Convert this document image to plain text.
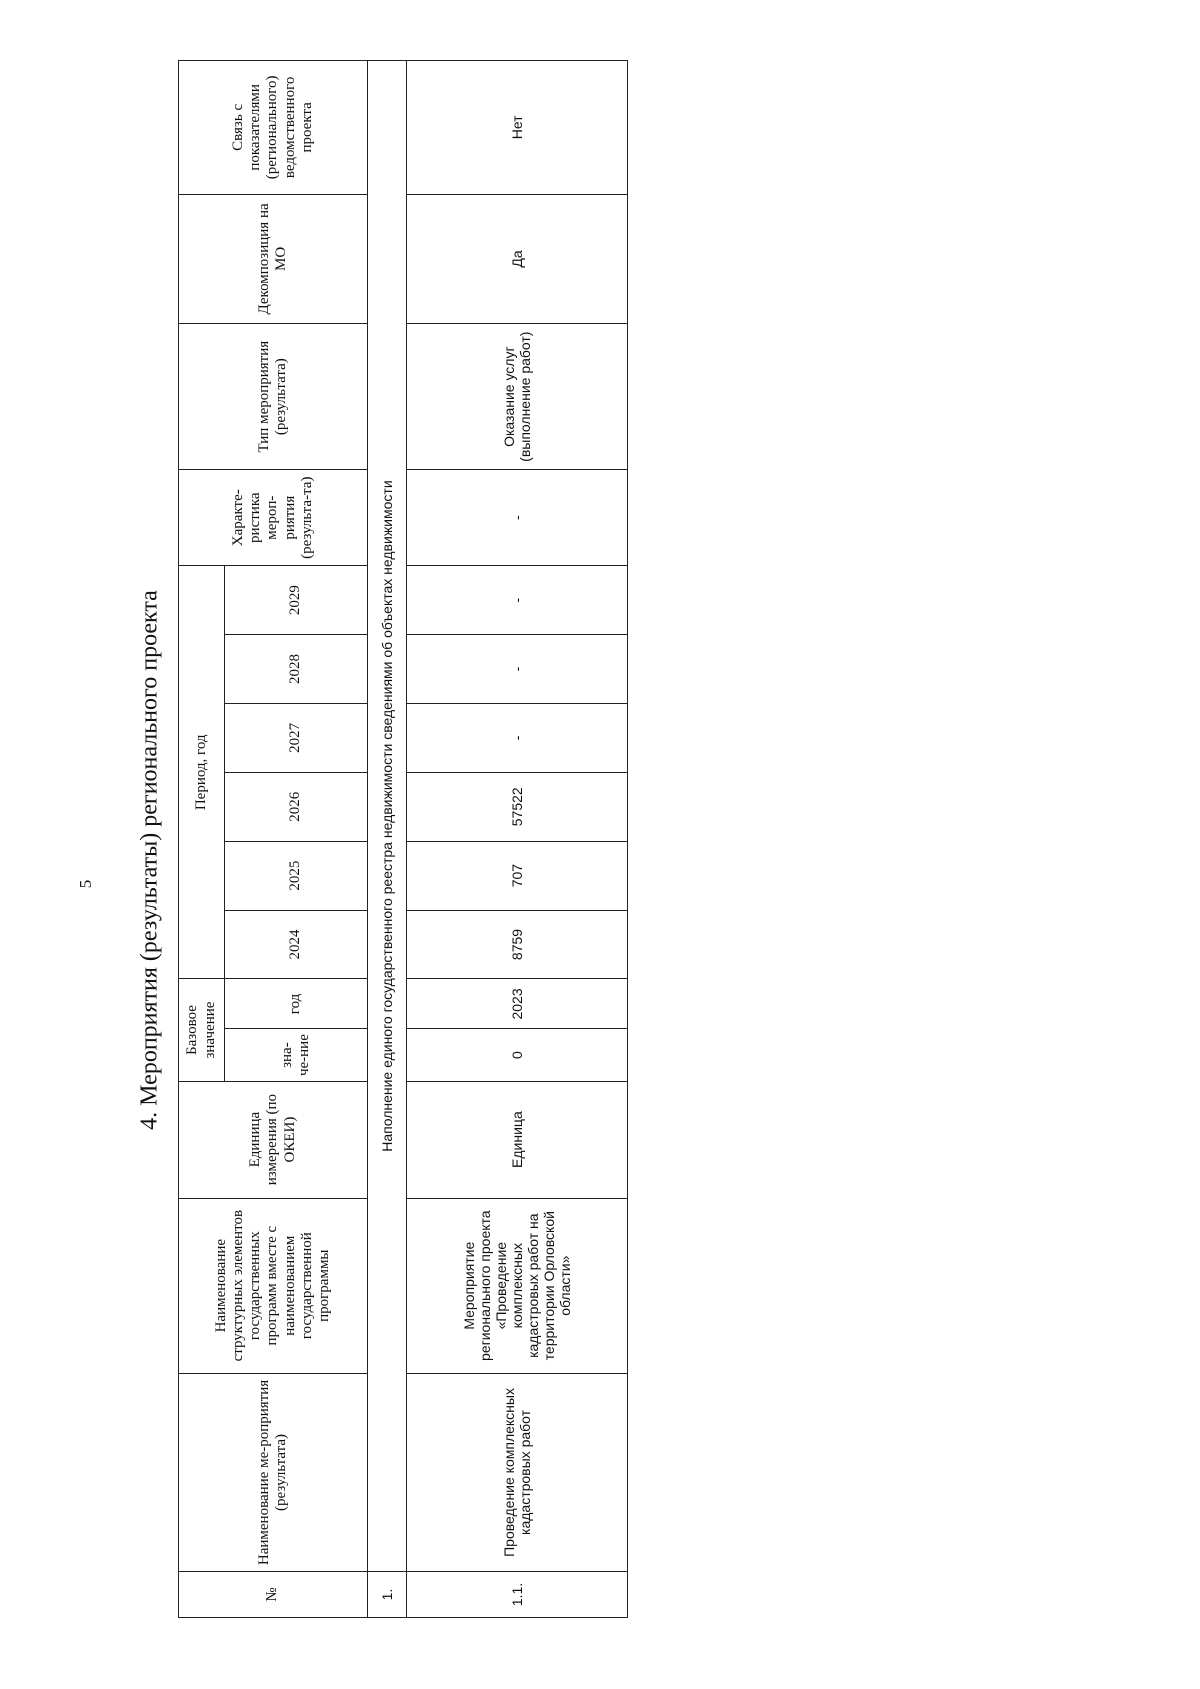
5 4. Мероприятия (результаты) регионального проекта
№	Наименование ме-роприятия (результата)	Наименование структурных элементов государственных программ вместе с наименованием государственной программы	Единица измерения (по ОКЕИ)	Базовое значение		Период, год						Характе-ристика мероп-риятия (результа-та)	Тип мероприятия (результата)	Декомпозиция на МО	Связь с показателями (регионального) ведомственного проекта
				зна-че-ние	год	2024	2025	2026	2027	2028	2029				

1.	Наполнение единого государственного реестра недвижимости сведениями об объектах недвижимости														
1.1.	Проведение комплексных кадастровых работ	Мероприятие регионального проекта «Проведение комплексных кадастровых работ на территории Орловской области»	Единица	0	2023	8759	707	57522	-	-	-	-	Оказание услуг (выполнение работ)	Да	Нет
